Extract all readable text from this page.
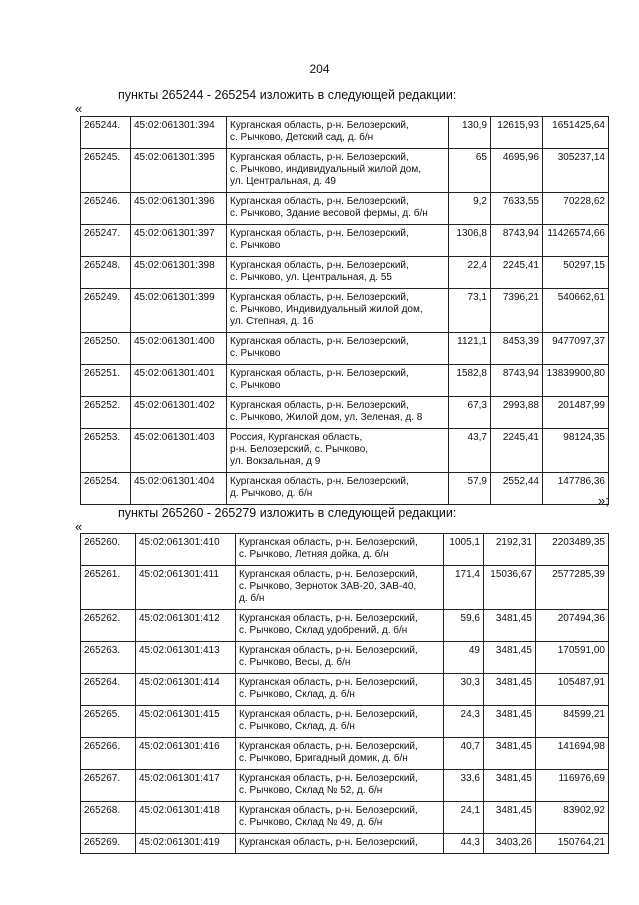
204
пункты 265244 - 265254 изложить в следующей редакции:
«
265244.	45:02:061301:394	Курганская область, р-н. Белозерский,
с. Рычково, Детский сад, д. б/н	130,9	12615,93	1651425,64
265245.	45:02:061301:395	Курганская область, р-н. Белозерский,
с. Рычково, индивидуальный жилой дом,
ул. Центральная, д. 49	65	4695,96	305237,14
265246.	45:02:061301:396	Курганская область, р-н. Белозерский,
с. Рычково, Здание весовой фермы, д. б/н	9,2	7633,55	70228,62
265247.	45:02:061301:397	Курганская область, р-н. Белозерский,
с. Рычково	1306,8	8743,94	11426574,66
265248.	45:02:061301:398	Курганская область, р-н. Белозерский,
с. Рычково, ул. Центральная, д. 55	22,4	2245,41	50297,15
265249.	45:02:061301:399	Курганская область, р-н. Белозерский,
с. Рычково, Индивидуальный жилой дом,
ул. Степная, д. 16	73,1	7396,21	540662,61
265250.	45:02:061301:400	Курганская область, р-н. Белозерский,
с. Рычково	1121,1	8453,39	9477097,37
265251.	45:02:061301:401	Курганская область, р-н. Белозерский,
с. Рычково	1582,8	8743,94	13839900,80
265252.	45:02:061301:402	Курганская область, р-н. Белозерский,
с. Рычково, Жилой дом, ул. Зеленая, д. 8	67,3	2993,88	201487,99
265253.	45:02:061301:403	Россия, Курганская область,
р-н. Белозерский, с. Рычково,
ул. Вокзальная, д 9	43,7	2245,41	98124,35
265254.	45:02:061301:404	Курганская область, р-н. Белозерский,
д. Рычково, д. б/н	57,9	2552,44	147786,36
»;
пункты 265260 - 265279 изложить в следующей редакции:
«
265260.	45:02:061301:410	Курганская область, р-н. Белозерский,
с. Рычково, Летняя дойка, д. б/н	1005,1	2192,31	2203489,35
265261.	45:02:061301:411	Курганская область, р-н. Белозерский,
с. Рычково, Зерноток ЗАВ-20, ЗАВ-40,
д. б/н	171,4	15036,67	2577285,39
265262.	45:02:061301:412	Курганская область, р-н. Белозерский,
с. Рычково, Склад удобрений, д. б/н	59,6	3481,45	207494,36
265263.	45:02:061301:413	Курганская область, р-н. Белозерский,
с. Рычково, Весы, д. б/н	49	3481,45	170591,00
265264.	45:02:061301:414	Курганская область, р-н. Белозерский,
с. Рычково, Склад, д. б/н	30,3	3481,45	105487,91
265265.	45:02:061301:415	Курганская область, р-н. Белозерский,
с. Рычково, Склад, д. б/н	24,3	3481,45	84599,21
265266.	45:02:061301:416	Курганская область, р-н. Белозерский,
с. Рычково, Бригадный домик, д. б/н	40,7	3481,45	141694,98
265267.	45:02:061301:417	Курганская область, р-н. Белозерский,
с. Рычково, Склад № 52, д. б/н	33,6	3481,45	116976,69
265268.	45:02:061301:418	Курганская область, р-н. Белозерский,
с. Рычково, Склад № 49, д. б/н	24,1	3481,45	83902,92
265269.	45:02:061301:419	Курганская область, р-н. Белозерский,	44,3	3403,26	150764,21
